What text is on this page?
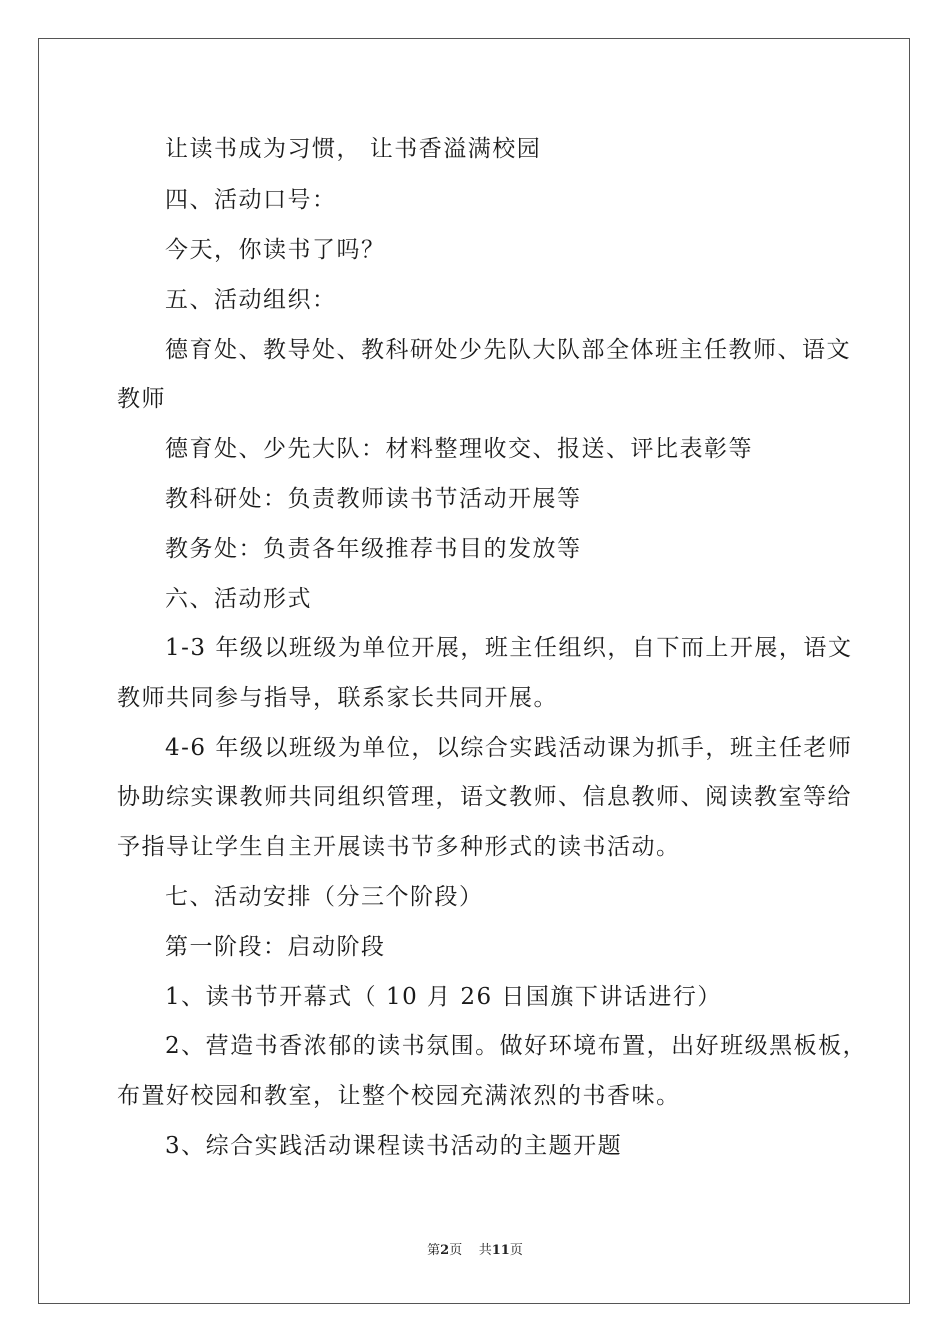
让读书成为习惯， 让书香溢满校园
四、活动口号：
今天，你读书了吗？
五、活动组织：
德育处、教导处、教科研处少先队大队部全体班主任教师、语文
教师
德育处、少先大队：材料整理收交、报送、评比表彰等
教科研处：负责教师读书节活动开展等
教务处：负责各年级推荐书目的发放等
六、活动形式
1-3 年级以班级为单位开展，班主任组织，自下而上开展，语文
教师共同参与指导，联系家长共同开展。
4-6 年级以班级为单位，以综合实践活动课为抓手，班主任老师
协助综实课教师共同组织管理，语文教师、信息教师、阅读教室等给
予指导让学生自主开展读书节多种形式的读书活动。
七、活动安排（分三个阶段）
第一阶段：启动阶段
1、读书节开幕式（ 10 月 26 日国旗下讲话进行）
2、营造书香浓郁的读书氛围。做好环境布置，出好班级黑板板，
布置好校园和教室，让整个校园充满浓烈的书香味。
3、综合实践活动课程读书活动的主题开题
第2页    共11页
